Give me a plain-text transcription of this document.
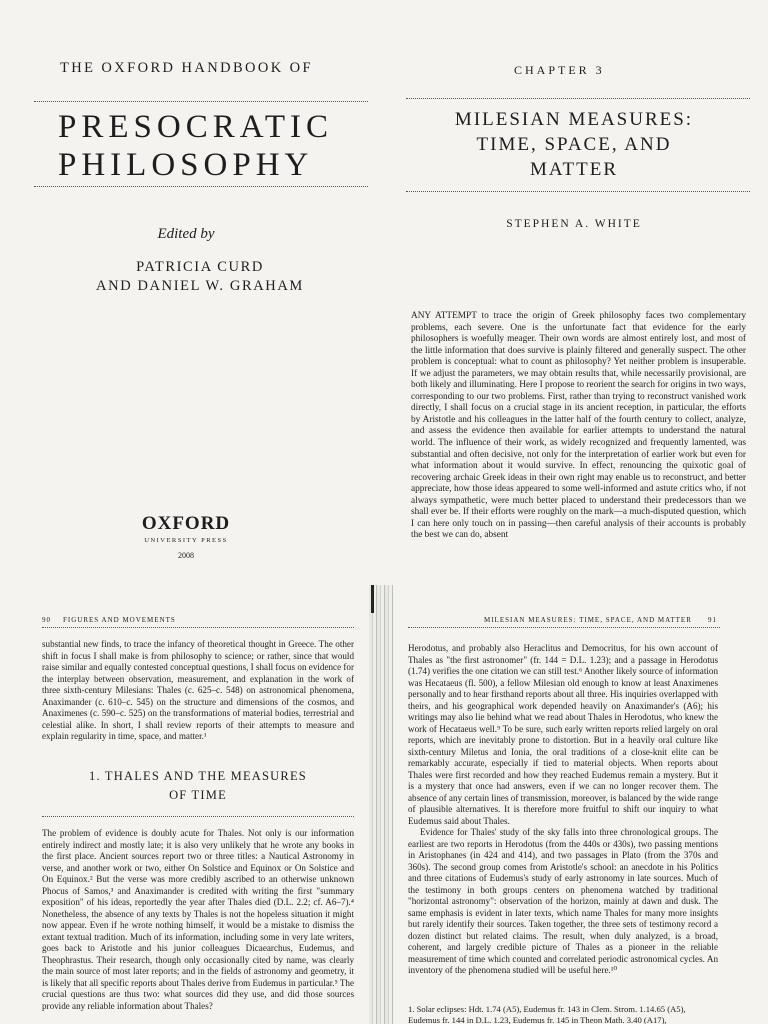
THE OXFORD HANDBOOK OF
PRESOCRATIC
PHILOSOPHY
Edited by
PATRICIA CURD
AND DANIEL W. GRAHAM
OXFORD
UNIVERSITY PRESS
2008
CHAPTER 3
MILESIAN MEASURES:
TIME, SPACE, AND
MATTER
STEPHEN A. WHITE
ANY ATTEMPT to trace the origin of Greek philosophy faces two complementary problems, each severe. One is the unfortunate fact that evidence for the early philosophers is woefully meager. Their own words are almost entirely lost, and most of the little information that does survive is plainly filtered and generally suspect. The other problem is conceptual: what to count as philosophy? Yet neither problem is insuperable. If we adjust the parameters, we may obtain results that, while necessarily provisional, are both likely and illuminating. Here I propose to reorient the search for origins in two ways, corresponding to our two problems. First, rather than trying to reconstruct vanished work directly, I shall focus on a crucial stage in its ancient reception, in particular, the efforts by Aristotle and his colleagues in the latter half of the fourth century to collect, analyze, and assess the evidence then available for earlier attempts to understand the natural world. The influence of their work, as widely recognized and frequently lamented, was substantial and often decisive, not only for the interpretation of earlier work but even for what information about it would survive. In effect, renouncing the quixotic goal of recovering archaic Greek ideas in their own right may enable us to reconstruct, and better appreciate, how those ideas appeared to some well-informed and astute critics who, if not always sympathetic, were much better placed to understand their predecessors than we shall ever be. If their efforts were roughly on the mark—a much-disputed question, which I can here only touch on in passing—then careful analysis of their accounts is probably the best we can do, absent
90 FIGURES AND MOVEMENTS
substantial new finds, to trace the infancy of theoretical thought in Greece. The other shift in focus I shall make is from philosophy to science; or rather, since that would raise similar and equally contested conceptual questions, I shall focus on evidence for the interplay between observation, measurement, and explanation in the work of three sixth-century Milesians: Thales (c. 625–c. 548) on astronomical phenomena, Anaximander (c. 610–c. 545) on the structure and dimensions of the cosmos, and Anaximenes (c. 590–c. 525) on the transformations of material bodies, terrestrial and celestial alike. In short, I shall review reports of their attempts to measure and explain regularity in time, space, and matter.¹
1. THALES AND THE MEASURES
OF TIME
The problem of evidence is doubly acute for Thales. Not only is our information entirely indirect and mostly late; it is also very unlikely that he wrote any books in the first place. Ancient sources report two or three titles: a Nautical Astronomy in verse, and another work or two, either On Solstice and Equinox or On Solstice and On Equinox.² But the verse was more credibly ascribed to an otherwise unknown Phocus of Samos,³ and Anaximander is credited with writing the first "summary exposition" of his ideas, reportedly the year after Thales died (D.L. 2.2; cf. A6–7).⁴ Nonetheless, the absence of any texts by Thales is not the hopeless situation it might now appear. Even if he wrote nothing himself, it would be a mistake to dismiss the extant textual tradition. Much of its information, including some in very late writers, goes back to Aristotle and his junior colleagues Dicaearchus, Eudemus, and Theophrastus. Their research, though only occasionally cited by name, was clearly the main source of most later reports; and in the fields of astronomy and geometry, it is likely that all specific reports about Thales derive from Eudemus in particular.⁵ The crucial questions are thus two: what sources did they use, and did those sources provide any reliable information about Thales?
MILESIAN MEASURES: TIME, SPACE, AND MATTER 91

Herodotus, and probably also Heraclitus and Democritus, for his own account of Thales as "the first astronomer" (fr. 144 = D.L. 1.23); and a passage in Herodotus (1.74) verifies the one citation we can still test.⁶ Another likely source of information was Hecataeus (fl. 500), a fellow Milesian old enough to know at least Anaximenes personally and to hear firsthand reports about all three. His inquiries overlapped with theirs, and his geographical work depended heavily on Anaximander's (A6); his writings may also lie behind what we read about Thales in Herodotus, who knew the work of Hecataeus well.⁹ To be sure, such early written reports relied largely on oral reports, which are inevitably prone to distortion. But in a heavily oral culture like sixth-century Miletus and Ionia, the oral traditions of a close-knit elite can be remarkably accurate, especially if tied to material objects. When reports about Thales were first recorded and how they reached Eudemus remain a mystery. But it is a mystery that once had answers, even if we can no longer recover them. The absence of any certain lines of transmission, moreover, is balanced by the wide range of plausible alternatives. It is therefore more fruitful to shift our inquiry to what Eudemus said about Thales.

Evidence for Thales' study of the sky falls into three chronological groups. The earliest are two reports in Herodotus (from the 440s or 430s), two passing mentions in Aristophanes (in 424 and 414), and two passages in Plato (from the 370s and 360s). The second group comes from Aristotle's school: an anecdote in his Politics and three citations of Eudemus's study of early astronomy in late sources. Much of the testimony in both groups centers on phenomena watched by traditional "horizontal astronomy": observation of the horizon, mainly at dawn and dusk. The same emphasis is evident in later texts, which name Thales for many more insights but rarely identify their sources. Taken together, the three sets of testimony record a dozen distinct but related claims. The result, when duly analyzed, is a broad, coherent, and largely credible picture of Thales as a pioneer in the reliable measurement of time which counted and correlated periodic astronomical cycles. An inventory of the phenomena studied will be useful here.¹⁰

1. Solar eclipses: Hdt. 1.74 (A5), Eudemus fr. 143 in Clem. Strom. 1.14.65 (A5), Eudemus fr. 144 in D.L. 1.23, Eudemus fr. 145 in Theon Math. 3.40 (A17),
